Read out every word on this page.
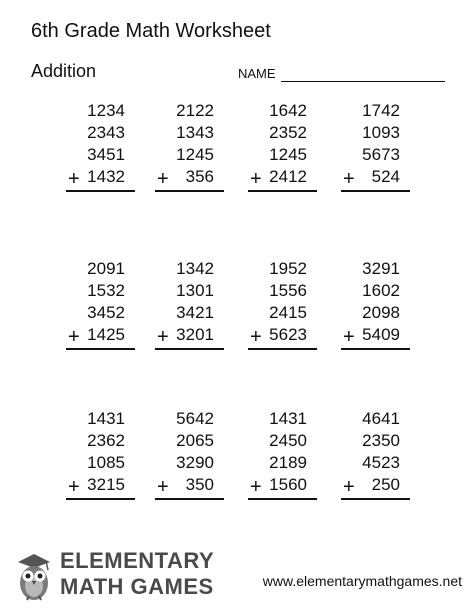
6th Grade Math Worksheet
Addition	NAME
1234
2343
3451
1432
+
2122
1343
1245
356
+
1642
2352
1245
2412
+
1742
1093
5673
524
+
2091
1532
3452
1425
+
1342
1301
3421
3201
+
1952
1556
2415
5623
+
3291
1602
2098
5409
+
1431
2362
1085
3215
+
5642
2065
3290
350
+
1431
2450
2189
1560
+
4641
2350
4523
250
+
ELEMENTARY
MATH GAMES	www.elementarymathgames.net
